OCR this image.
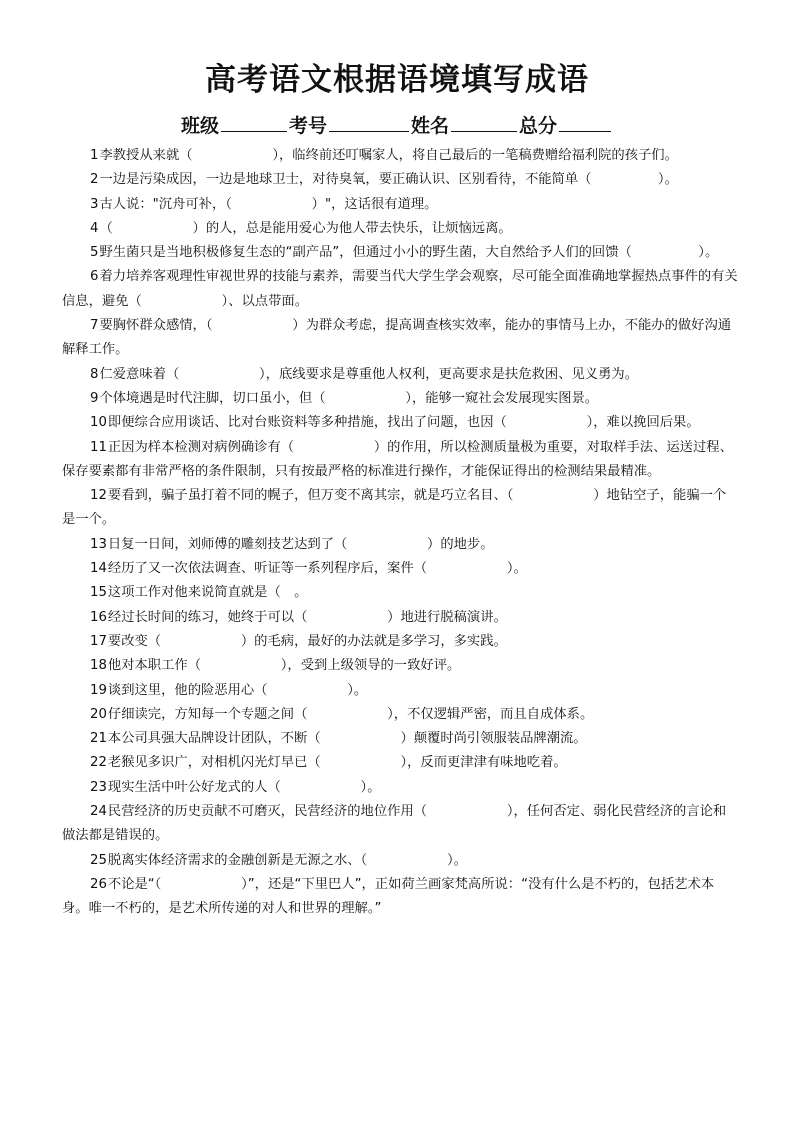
高考语文根据语境填写成语
班级	考号	姓名	总分

1李教授从来就（　　　　　　），临终前还叮嘱家人，将自己最后的一笔稿费赠给福利院的孩子们。

2一边是污染成因，一边是地球卫士，对待臭氧，要正确认识、区别看待，不能简单（　　　　　）。

3古人说："沉舟可补，（　　　　　　）"，这话很有道理。

4（　　　　　　）的人，总是能用爱心为他人带去快乐，让烦恼远离。

5野生菌只是当地积极修复生态的“副产品”，但通过小小的野生菌，大自然给予人们的回馈（　　　　　）。

6着力培养客观理性审视世界的技能与素养，需要当代大学生学会观察，尽可能全面准确地掌握热点事件的有关信息，避免（　　　　　　）、以点带面。

7要胸怀群众感情，（　　　　　　）为群众考虑，提高调查核实效率，能办的事情马上办，不能办的做好沟通解释工作。

8仁爱意味着（　　　　　　），底线要求是尊重他人权利，更高要求是扶危救困、见义勇为。

9个体境遇是时代注脚，切口虽小，但（　　　　　　），能够一窥社会发展现实图景。

10即便综合应用谈话、比对台账资料等多种措施，找出了问题，也因（　　　　　　），难以挽回后果。

11正因为样本检测对病例确诊有（　　　　　　）的作用，所以检测质量极为重要，对取样手法、运送过程、保存要素都有非常严格的条件限制，只有按最严格的标准进行操作，才能保证得出的检测结果最精准。

12要看到，骗子虽打着不同的幌子，但万变不离其宗，就是巧立名目、（　　　　　　）地钻空子，能骗一个是一个。

13日复一日间，刘师傅的雕刻技艺达到了（　　　　　　）的地步。

14经历了又一次依法调查、听证等一系列程序后，案件（　　　　　　）。

15这项工作对他来说简直就是（　。

16经过长时间的练习，她终于可以（　　　　　　）地进行脱稿演讲。

17要改变（　　　　　　）的毛病，最好的办法就是多学习，多实践。

18他对本职工作（　　　　　　），受到上级领导的一致好评。

19谈到这里，他的险恶用心（　　　　　　）。

20仔细读完，方知每一个专题之间（　　　　　　），不仅逻辑严密，而且自成体系。

21本公司具强大品牌设计团队，不断（　　　　　　）颠覆时尚引领服装品牌潮流。

22老猴见多识广，对相机闪光灯早已（　　　　　　），反而更津津有味地吃着。

23现实生活中叶公好龙式的人（　　　　　　）。

24民营经济的历史贡献不可磨灭，民营经济的地位作用（　　　　　　），任何否定、弱化民营经济的言论和做法都是错误的。

25脱离实体经济需求的金融创新是无源之水、（　　　　　　）。

26不论是“（　　　　　　）”，还是“下里巴人”，正如荷兰画家梵高所说：“没有什么是不朽的，包括艺术本身。唯一不朽的，是艺术所传递的对人和世界的理解。”
